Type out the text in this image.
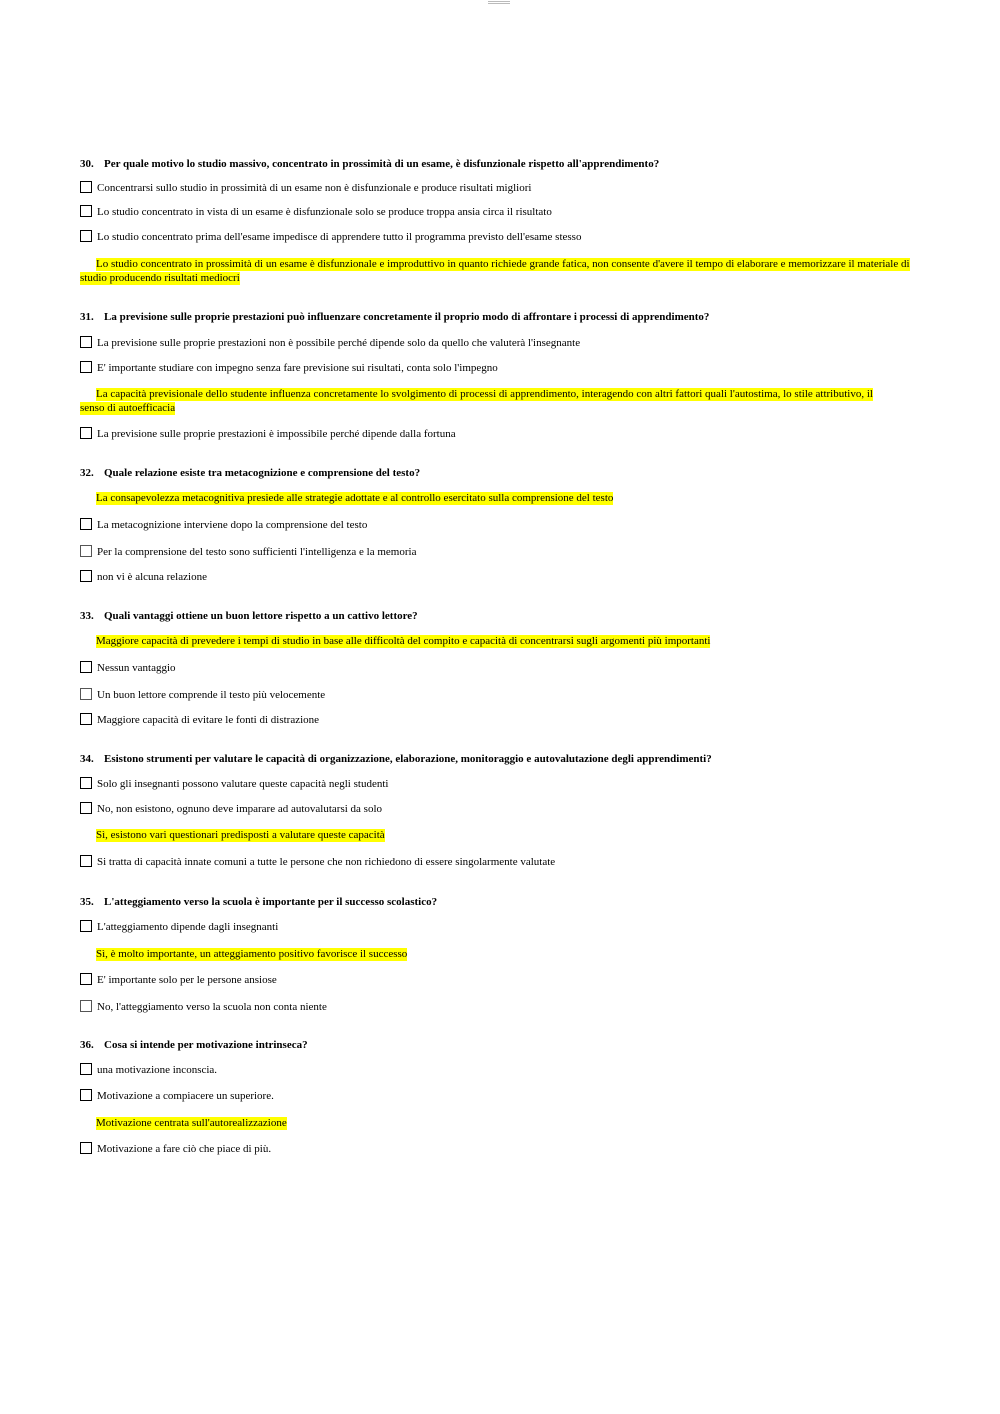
30. Per quale motivo lo studio massivo, concentrato in prossimità di un esame, è disfunzionale rispetto all'apprendimento?

Concentrarsi sullo studio in prossimità di un esame non è disfunzionale e produce risultati migliori
Lo studio concentrato in vista di un esame è disfunzionale solo se produce troppa ansia circa il risultato
Lo studio concentrato prima dell'esame impedisce di apprendere tutto il programma previsto dell'esame stesso
Lo studio concentrato in prossimità di un esame è disfunzionale e improduttivo in quanto richiede grande fatica, non consente d'avere il tempo di elaborare e memorizzare il materiale di studio producendo risultati mediocri

31. La previsione sulle proprie prestazioni può influenzare concretamente il proprio modo di affrontare i processi di apprendimento?

La previsione sulle proprie prestazioni non è possibile perché dipende solo da quello che valuterà l'insegnante
E' importante studiare con impegno senza fare previsione sui risultati, conta solo l'impegno
La capacità previsionale dello studente influenza concretamente lo svolgimento di processi di apprendimento, interagendo con altri fattori quali l'autostima, lo stile attributivo, il senso di autoefficacia
La previsione sulle proprie prestazioni è impossibile perché dipende dalla fortuna

32. Quale relazione esiste tra metacognizione e comprensione del testo?

La consapevolezza metacognitiva presiede alle strategie adottate e al controllo esercitato sulla comprensione del testo
La metacognizione interviene dopo la comprensione del testo
Per la comprensione del testo sono sufficienti l'intelligenza e la memoria
non vi è alcuna relazione

33. Quali vantaggi ottiene un buon lettore rispetto a un cattivo lettore?

Maggiore capacità di prevedere i tempi di studio in base alle difficoltà del compito e capacità di concentrarsi sugli argomenti più importanti
Nessun vantaggio
Un buon lettore comprende il testo più velocemente
Maggiore capacità di evitare le fonti di distrazione

34. Esistono strumenti per valutare le capacità di organizzazione, elaborazione, monitoraggio e autovalutazione degli apprendimenti?

Solo gli insegnanti possono valutare queste capacità negli studenti
No, non esistono, ognuno deve imparare ad autovalutarsi da solo
Sì, esistono vari questionari predisposti a valutare queste capacità
Si tratta di capacità innate comuni a tutte le persone che non richiedono di essere singolarmente valutate

35. L'atteggiamento verso la scuola è importante per il successo scolastico?

L'atteggiamento dipende dagli insegnanti
Sì, è molto importante, un atteggiamento positivo favorisce il successo
E' importante solo per le persone ansiose
No, l'atteggiamento verso la scuola non conta niente

36. Cosa si intende per motivazione intrinseca?

una motivazione inconscia.
Motivazione a compiacere un superiore.
Motivazione centrata sull'autorealizzazione
Motivazione a fare ciò che piace di più.
